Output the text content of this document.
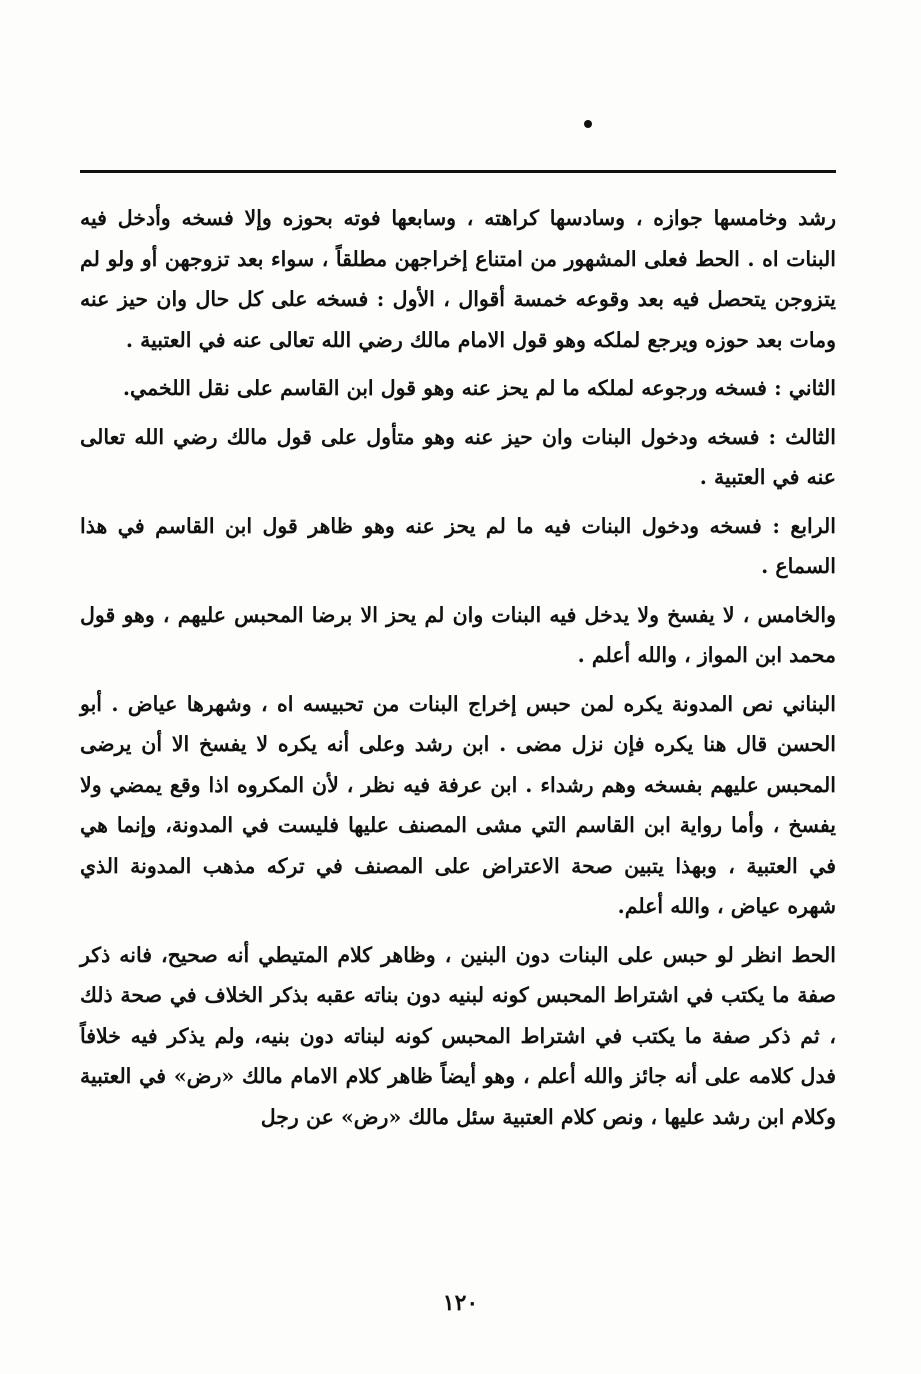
رشد وخامسها جوازه ، وسادسها كراهته ، وسابعها فوته بحوزه وإلا فسخه وأدخل فيه البنات اه . الحط فعلى المشهور من امتناع إخراجهن مطلقاً ، سواء بعد تزوجهن أو ولو لم يتزوجن يتحصل فيه بعد وقوعه خمسة أقوال ، الأول : فسخه على كل حال وان حيز عنه ومات بعد حوزه ويرجع لملكه وهو قول الامام مالك رضي الله تعالى عنه في العتبية .

الثاني : فسخه ورجوعه لملكه ما لم يحز عنه وهو قول ابن القاسم على نقل اللخمي.

الثالث : فسخه ودخول البنات وان حيز عنه وهو متأول على قول مالك رضي الله تعالى عنه في العتبية .

الرابع : فسخه ودخول البنات فيه ما لم يحز عنه وهو ظاهر قول ابن القاسم في هذا السماع .

والخامس ، لا يفسخ ولا يدخل فيه البنات وان لم يحز الا برضا المحبس عليهم ، وهو قول محمد ابن المواز ، والله أعلم .

البناني نص المدونة يكره لمن حبس إخراج البنات من تحبيسه اه ، وشهرها عياض . أبو الحسن قال هنا يكره فإن نزل مضى . ابن رشد وعلى أنه يكره لا يفسخ الا أن يرضى المحبس عليهم بفسخه وهم رشداء . ابن عرفة فيه نظر ، لأن المكروه اذا وقع يمضي ولا يفسخ ، وأما رواية ابن القاسم التي مشى المصنف عليها فليست في المدونة، وإنما هي في العتبية ، وبهذا يتبين صحة الاعتراض على المصنف في تركه مذهب المدونة الذي شهره عياض ، والله أعلم.

الحط انظر لو حبس على البنات دون البنين ، وظاهر كلام المتيطي أنه صحيح، فانه ذكر صفة ما يكتب في اشتراط المحبس كونه لبنيه دون بناته عقبه بذكر الخلاف في صحة ذلك ، ثم ذكر صفة ما يكتب في اشتراط المحبس كونه لبناته دون بنيه، ولم يذكر فيه خلافاً فدل كلامه على أنه جائز والله أعلم ، وهو أيضاً ظاهر كلام الامام مالك «رض» في العتبية وكلام ابن رشد عليها ، ونص كلام العتبية سئل مالك «رض» عن رجل

١٢٠
